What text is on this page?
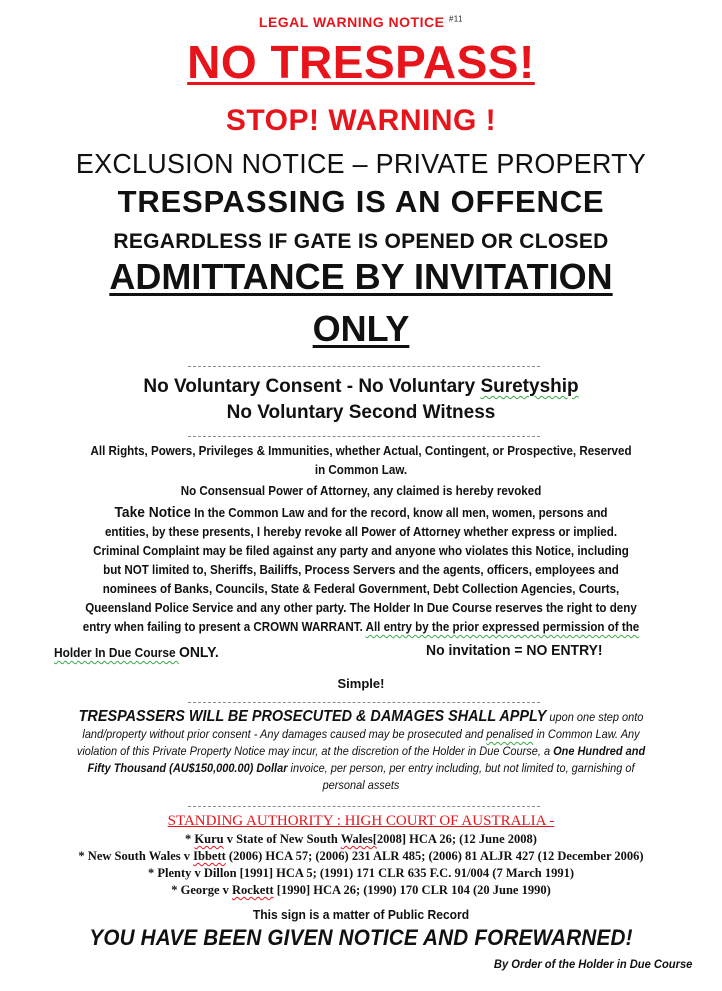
LEGAL WARNING NOTICE $^{\#11}$
NO TRESPASS!
STOP! WARNING !
EXCLUSION NOTICE – PRIVATE PROPERTY
TRESPASSING IS AN OFFENCE
REGARDLESS IF GATE IS OPENED OR CLOSED
ADMITTANCE BY INVITATION
ONLY
No Voluntary Consent - No Voluntary Suretyship
No Voluntary Second Witness
All Rights, Powers, Privileges & Immunities, whether Actual, Contingent, or Prospective, Reserved
in Common Law.
No Consensual Power of Attorney, any claimed is hereby revoked
Take Notice In the Common Law and for the record, know all men, women, persons and
entities, by these presents, I hereby revoke all Power of Attorney whether express or implied.
Criminal Complaint may be filed against any party and anyone who violates this Notice, including
but NOT limited to, Sheriffs, Bailiffs, Process Servers and the agents, officers, employees and
nominees of Banks, Councils, State & Federal Government, Debt Collection Agencies, Courts,
Queensland Police Service and any other party. The Holder In Due Course reserves the right to deny
entry when failing to present a CROWN WARRANT. All entry by the prior expressed permission of the
Holder In Due Course ONLY.	No invitation = NO ENTRY!
Simple!
TRESPASSERS WILL BE PROSECUTED & DAMAGES SHALL APPLY upon one step onto land/property without prior consent - Any damages caused may be prosecuted and penalised in Common Law. Any violation of this Private Property Notice may incur, at the discretion of the Holder in Due Course, a One Hundred and Fifty Thousand (AU$150,000.00) Dollar invoice, per person, per entry including, but not limited to, garnishing of personal assets
STANDING AUTHORITY : HIGH COURT OF AUSTRALIA -
* Kuru v State of New South Wales[2008] HCA 26; (12 June 2008)
* New South Wales v Ibbett (2006) HCA 57; (2006) 231 ALR 485; (2006) 81 ALJR 427 (12 December 2006)
* Plenty v Dillon [1991] HCA 5; (1991) 171 CLR 635 F.C. 91/004 (7 March 1991)
* George v Rockett [1990] HCA 26; (1990) 170 CLR 104 (20 June 1990)
This sign is a matter of Public Record
YOU HAVE BEEN GIVEN NOTICE AND FOREWARNED!
By Order of the Holder in Due Course
